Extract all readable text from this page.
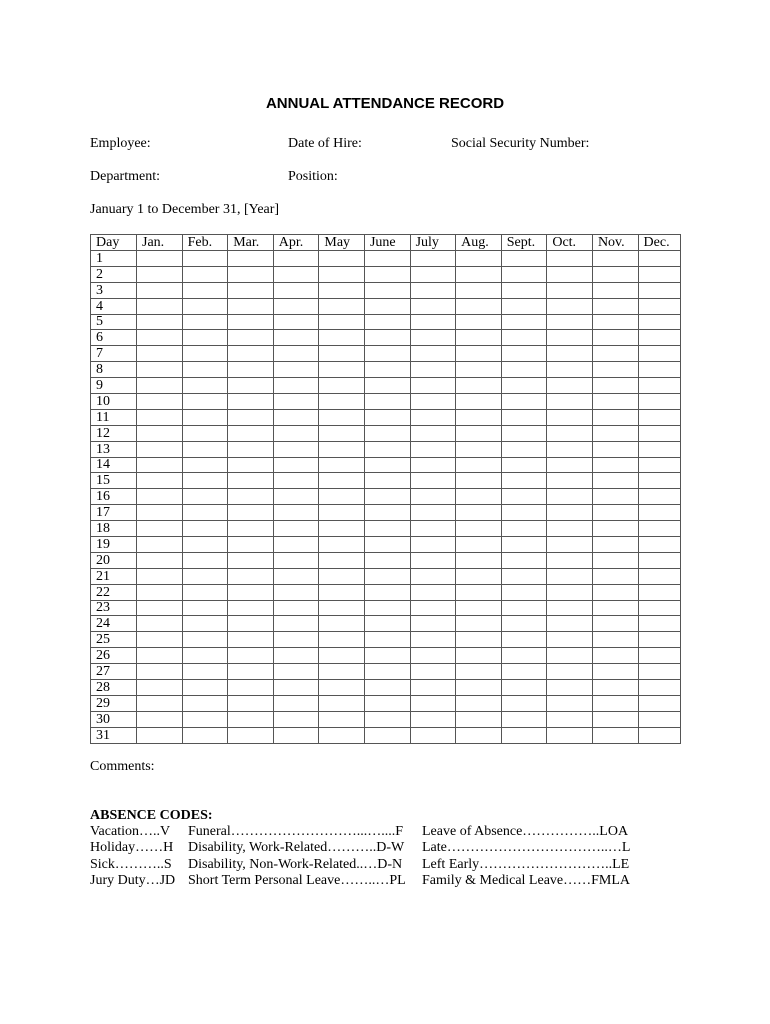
ANNUAL ATTENDANCE RECORD
Employee:	Date of Hire:	Social Security Number:
Department:	Position:
January 1 to December 31, [Year]
Day	Jan.	Feb.	Mar.	Apr.	May	June	July	Aug.	Sept.	Oct.	Nov.	Dec.
1												
2												
3												
4												
5												
6												
7												
8												
9												
10												
11												
12												
13												
14												
15												
16												
17												
18												
19												
20												
21												
22												
23												
24												
25												
26												
27												
28												
29												
30												
31												
Comments:
ABSENCE CODES:
Vacation…..V
Holiday……H
Sick………..S
Jury Duty…JD
Funeral………………………...…....F
Disability, Work-Related………..D-W
Disability, Non-Work-Related..…D-N
Short Term Personal Leave……..…PL
Leave of Absence……………..LOA
Late……………………………..…L
Left Early………………………..LE
Family & Medical Leave……FMLA
